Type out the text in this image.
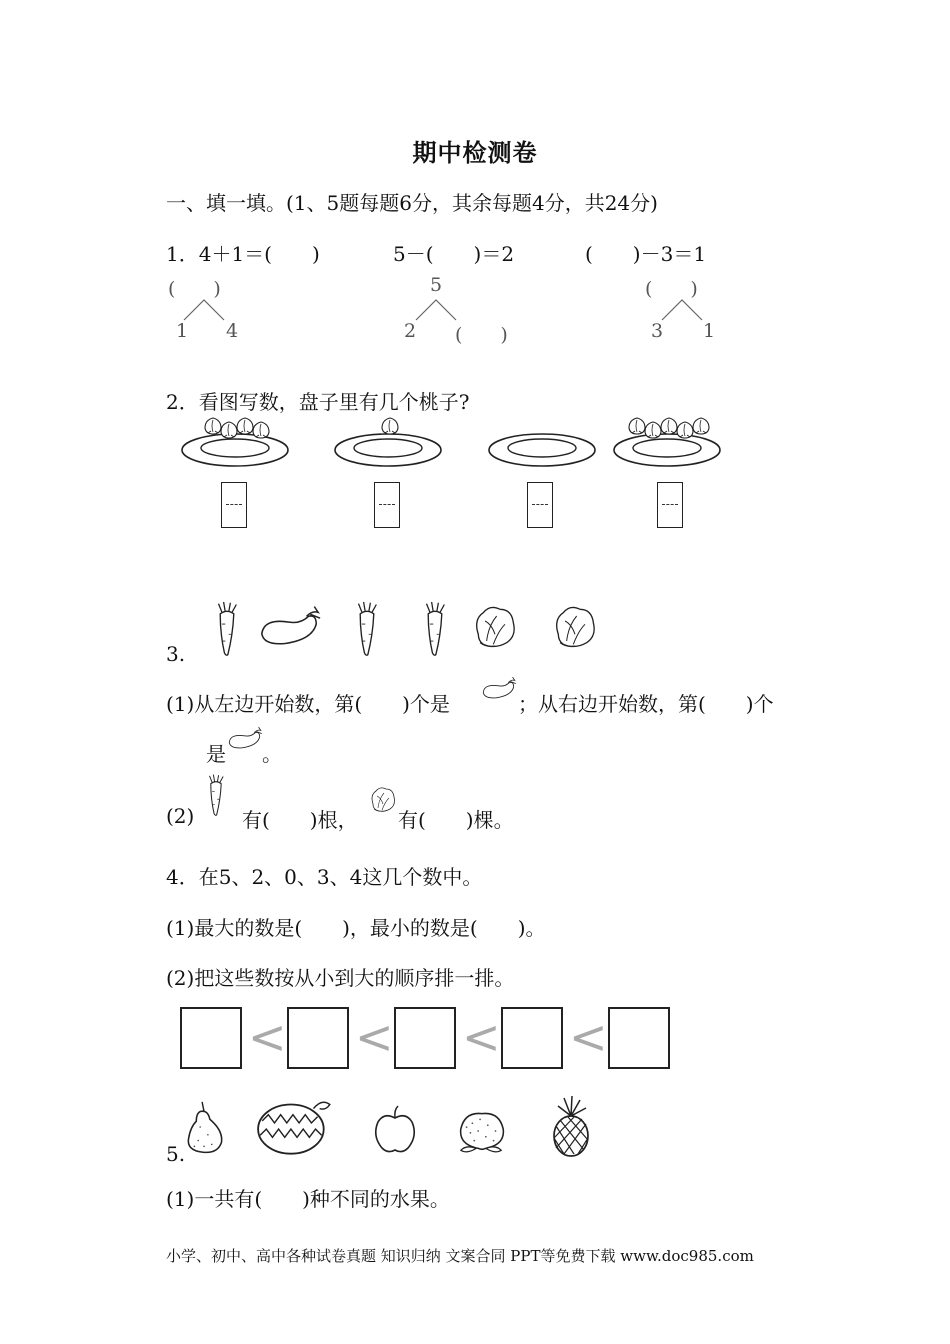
期中检测卷
一、填一填。(1、5题每题6分，其余每题4分，共24分)
1．4＋1＝(　　)	5－(　　)＝2	(　　)－3＝1
(　　)
1 4
5
2 (　　)
(　　)
3 1
2．看图写数，盘子里有几个桃子?
3.
(1)从左边开始数，第(　　)个是	；从右边开始数，第(　　)个
是 。
(2) 有(　　)根， 有(　　)棵。
4．在5、2、0、3、4这几个数中。
(1)最大的数是(　　)，最小的数是(　　)。
(2)把这些数按从小到大的顺序排一排。
< < < <
5.
(1)一共有(　　)种不同的水果。
小学、初中、高中各种试卷真题 知识归纳 文案合同 PPT等免费下载 www.doc985.com
